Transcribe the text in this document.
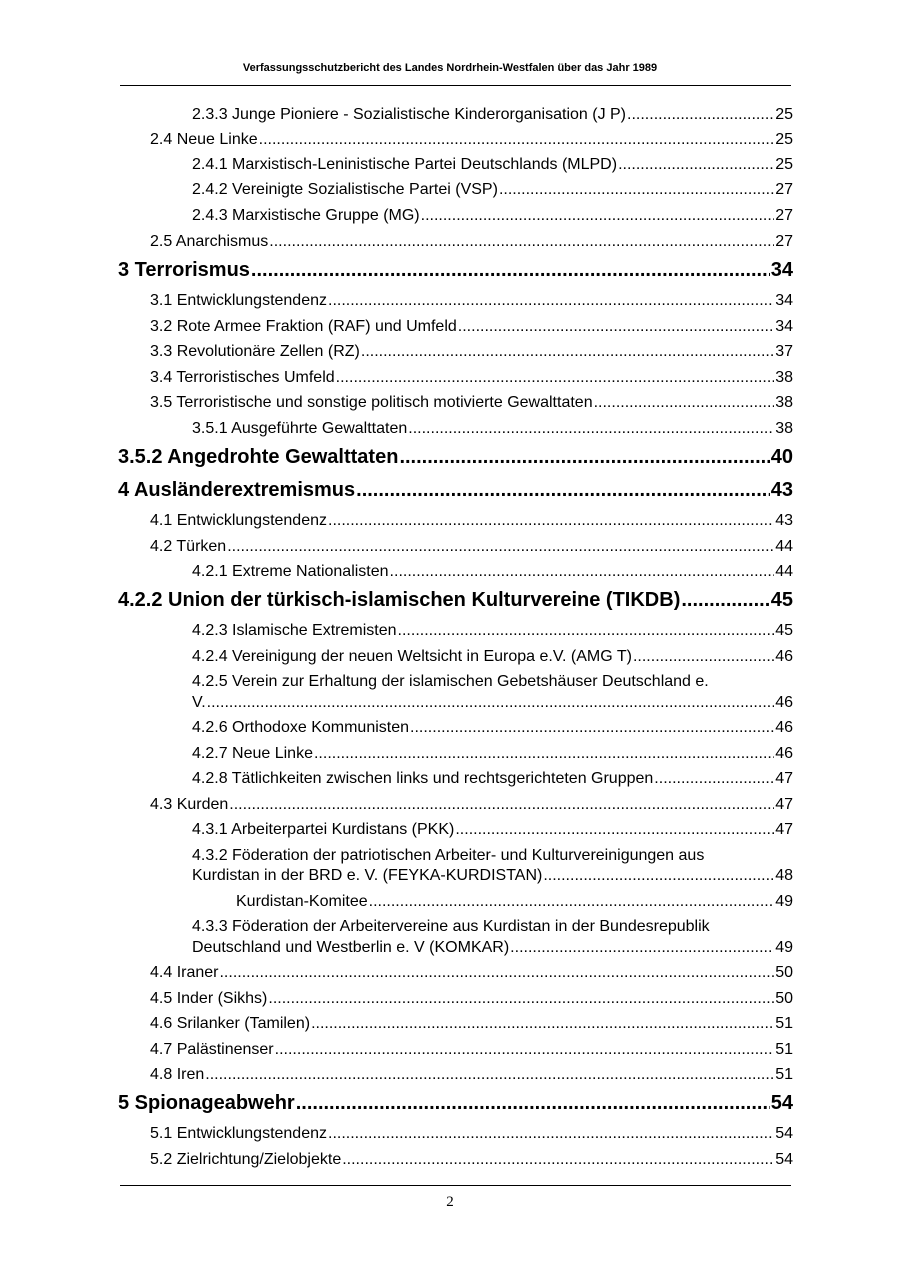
Verfassungsschutzbericht des Landes Nordrhein-Westfalen über das Jahr 1989
2.3.3 Junge Pioniere - Sozialistische Kinderorganisation (J P) .....	25
2.4 Neue Linke .....	25
2.4.1 Marxistisch-Leninistische Partei Deutschlands (MLPD) .....	25
2.4.2 Vereinigte Sozialistische Partei (VSP) .....	27
2.4.3 Marxistische Gruppe (MG) .....	27
2.5 Anarchismus .....	27
3 Terrorismus .....	34
3.1 Entwicklungstendenz .....	34
3.2 Rote Armee Fraktion (RAF) und Umfeld .....	34
3.3 Revolutionäre Zellen (RZ) .....	37
3.4 Terroristisches Umfeld .....	38
3.5 Terroristische und sonstige politisch motivierte Gewalttaten .....	38
3.5.1 Ausgeführte Gewalttaten .....	38
3.5.2 Angedrohte Gewalttaten .....	40
4 Ausländerextremismus .....	43
4.1 Entwicklungstendenz .....	43
4.2 Türken .....	44
4.2.1 Extreme Nationalisten .....	44
4.2.2 Union der türkisch-islamischen Kulturvereine (TIKDB) .....	45
4.2.3 Islamische Extremisten .....	45
4.2.4 Vereinigung der neuen Weltsicht in Europa e.V. (AMG T) .....	46
4.2.5 Verein zur Erhaltung der islamischen Gebetshäuser Deutschland e.
V. .....	46
4.2.6 Orthodoxe Kommunisten .....	46
4.2.7 Neue Linke .....	46
4.2.8 Tätlichkeiten zwischen links und rechtsgerichteten Gruppen .....	47
4.3 Kurden .....	47
4.3.1 Arbeiterpartei Kurdistans (PKK) .....	47
4.3.2 Föderation der patriotischen Arbeiter- und Kulturvereinigungen aus
Kurdistan in der BRD e. V. (FEYKA-KURDISTAN) .....	48
Kurdistan-Komitee .....	49
4.3.3 Föderation der Arbeitervereine aus Kurdistan in der Bundesrepublik
Deutschland und Westberlin e. V (KOMKAR) .....	49
4.4 Iraner .....	50
4.5 Inder (Sikhs) .....	50
4.6 Srilanker (Tamilen) .....	51
4.7 Palästinenser .....	51
4.8 Iren .....	51
5 Spionageabwehr .....	54
5.1 Entwicklungstendenz .....	54
5.2 Zielrichtung/Zielobjekte .....	54
2
